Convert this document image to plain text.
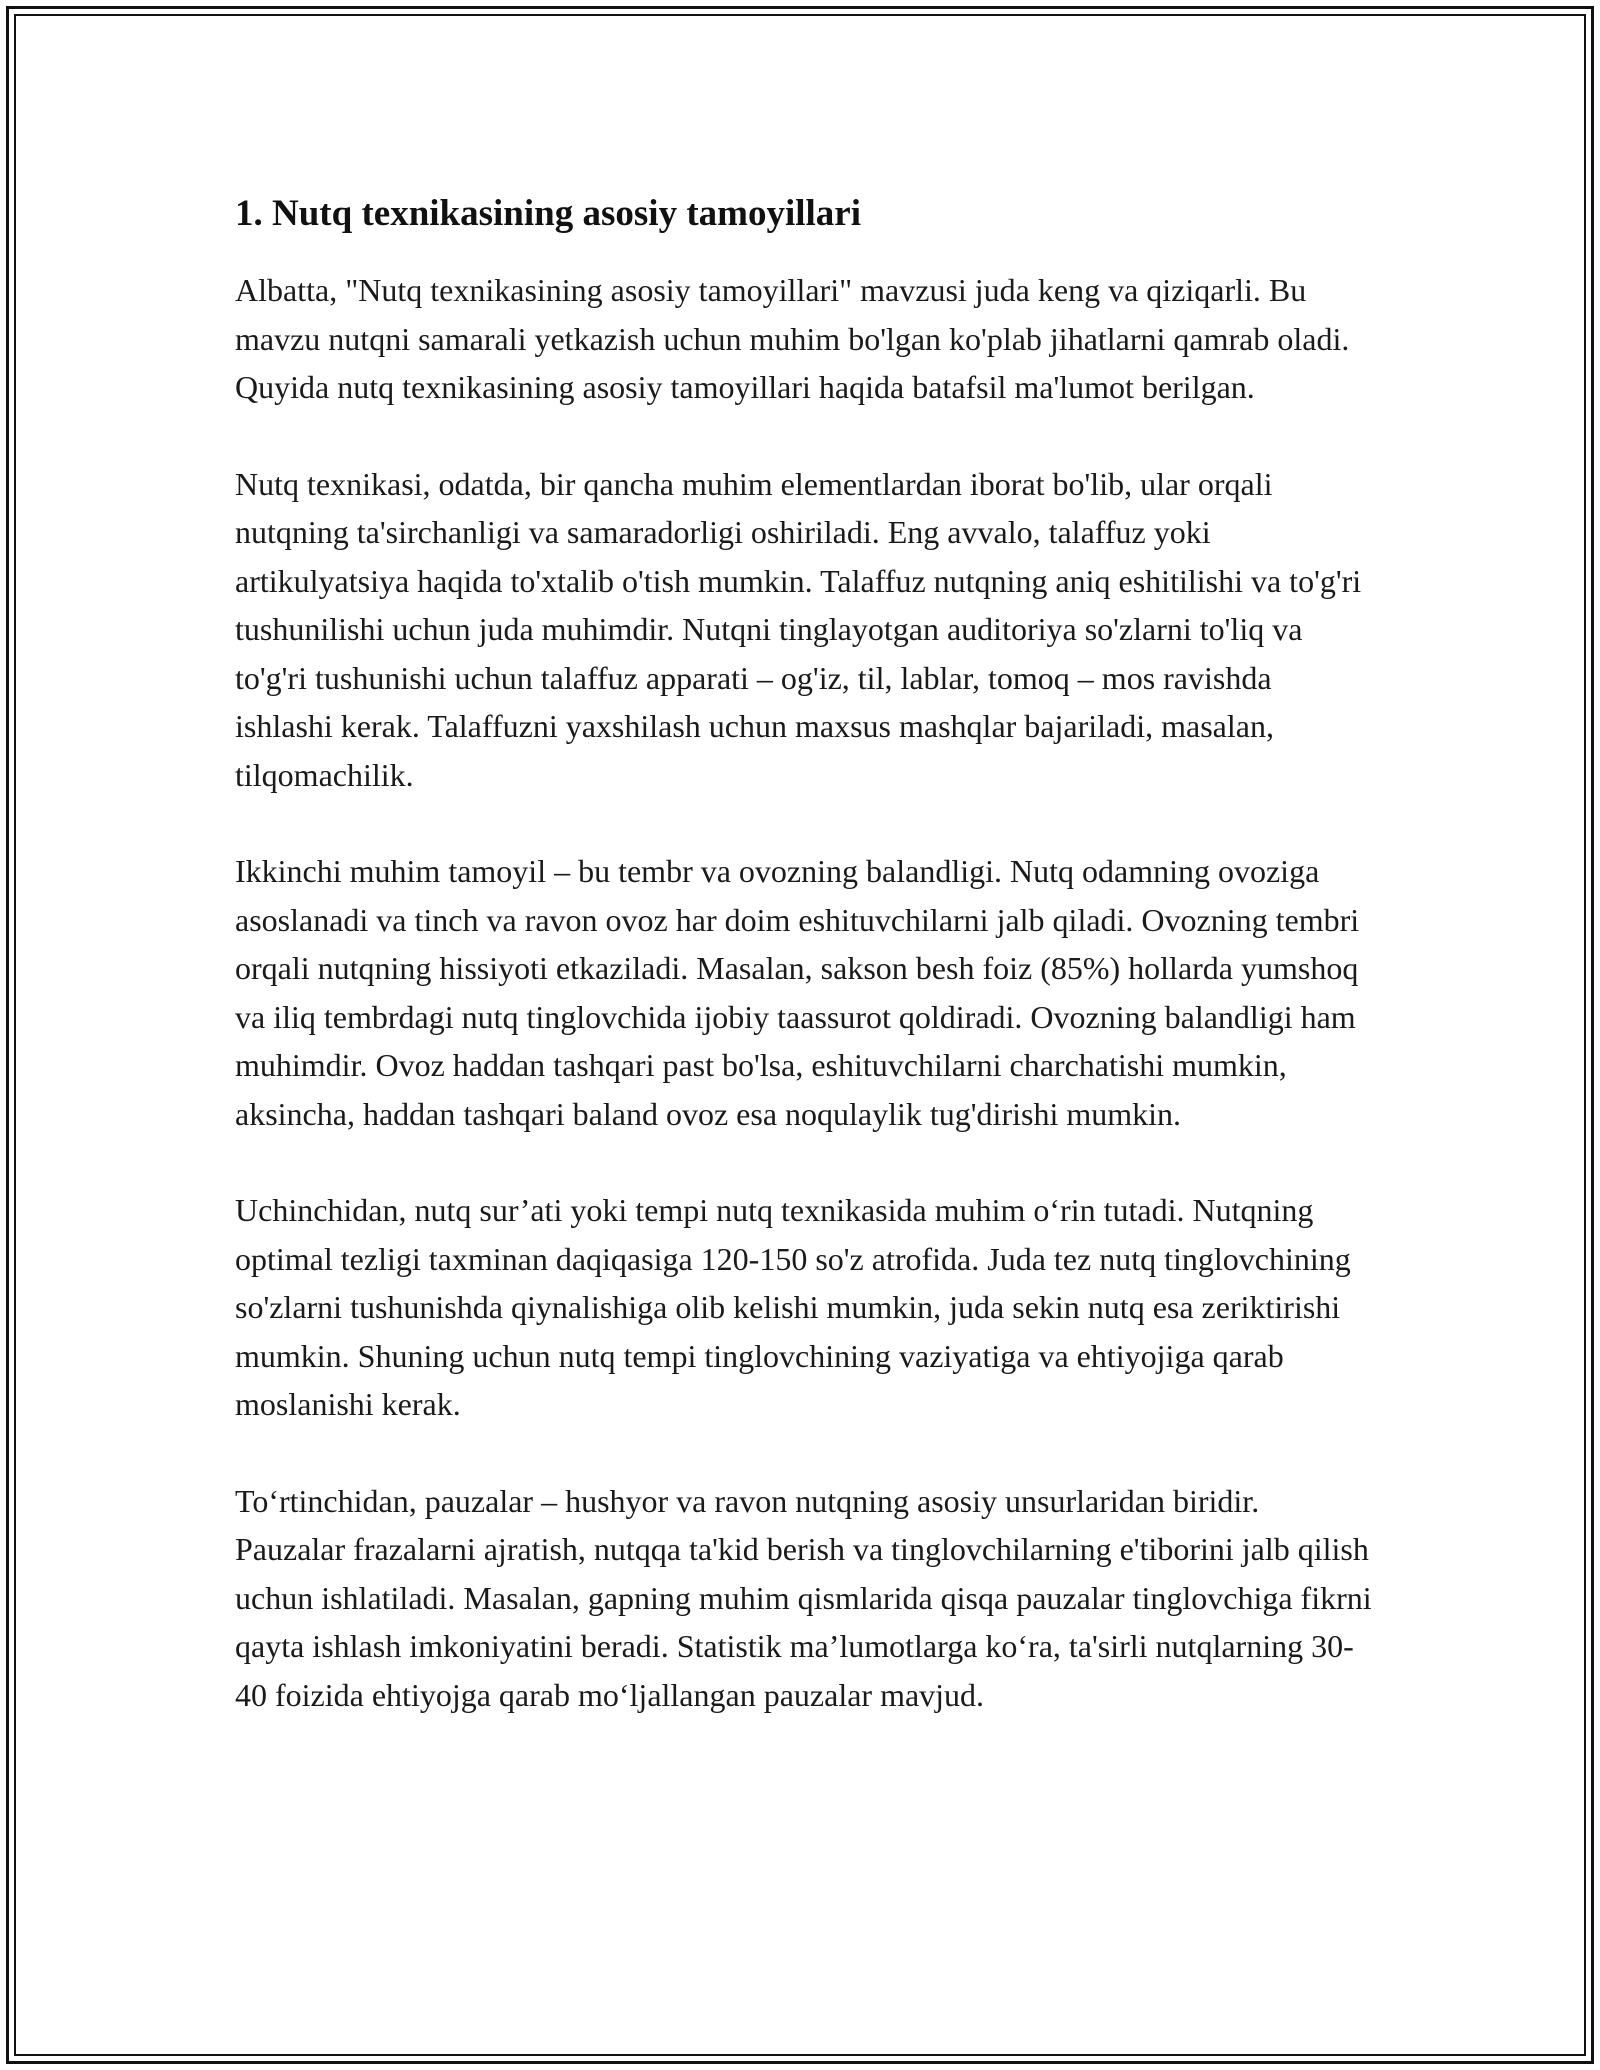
1. Nutq texnikasining asosiy tamoyillari

Albatta, "Nutq texnikasining asosiy tamoyillari" mavzusi juda keng va qiziqarli. Bu mavzu nutqni samarali yetkazish uchun muhim bo'lgan ko'plab jihatlarni qamrab oladi. Quyida nutq texnikasining asosiy tamoyillari haqida batafsil ma'lumot berilgan.

Nutq texnikasi, odatda, bir qancha muhim elementlardan iborat bo'lib, ular orqali nutqning ta'sirchanligi va samaradorligi oshiriladi. Eng avvalo, talaffuz yoki artikulyatsiya haqida to'xtalib o'tish mumkin. Talaffuz nutqning aniq eshitilishi va to'g'ri tushunilishi uchun juda muhimdir. Nutqni tinglayotgan auditoriya so'zlarni to'liq va to'g'ri tushunishi uchun talaffuz apparati – og'iz, til, lablar, tomoq – mos ravishda ishlashi kerak. Talaffuzni yaxshilash uchun maxsus mashqlar bajariladi, masalan, tilqomachilik.

Ikkinchi muhim tamoyil – bu tembr va ovozning balandligi. Nutq odamning ovoziga asoslanadi va tinch va ravon ovoz har doim eshituvchilarni jalb qiladi. Ovozning tembri orqali nutqning hissiyoti etkaziladi. Masalan, sakson besh foiz (85%) hollarda yumshoq va iliq tembrdagi nutq tinglovchida ijobiy taassurot qoldiradi. Ovozning balandligi ham muhimdir. Ovoz haddan tashqari past bo'lsa, eshituvchilarni charchatishi mumkin, aksincha, haddan tashqari baland ovoz esa noqulaylik tug'dirishi mumkin.

Uchinchidan, nutq sur’ati yoki tempi nutq texnikasida muhim o‘rin tutadi. Nutqning optimal tezligi taxminan daqiqasiga 120-150 so'z atrofida. Juda tez nutq tinglovchining so'zlarni tushunishda qiynalishiga olib kelishi mumkin, juda sekin nutq esa zeriktirishi mumkin. Shuning uchun nutq tempi tinglovchining vaziyatiga va ehtiyojiga qarab moslanishi kerak.

To‘rtinchidan, pauzalar – hushyor va ravon nutqning asosiy unsurlaridan biridir. Pauzalar frazalarni ajratish, nutqqa ta'kid berish va tinglovchilarning e'tiborini jalb qilish uchun ishlatiladi. Masalan, gapning muhim qismlarida qisqa pauzalar tinglovchiga fikrni qayta ishlash imkoniyatini beradi. Statistik ma’lumotlarga ko‘ra, ta'sirli nutqlarning 30-40 foizida ehtiyojga qarab mo‘ljallangan pauzalar mavjud.
